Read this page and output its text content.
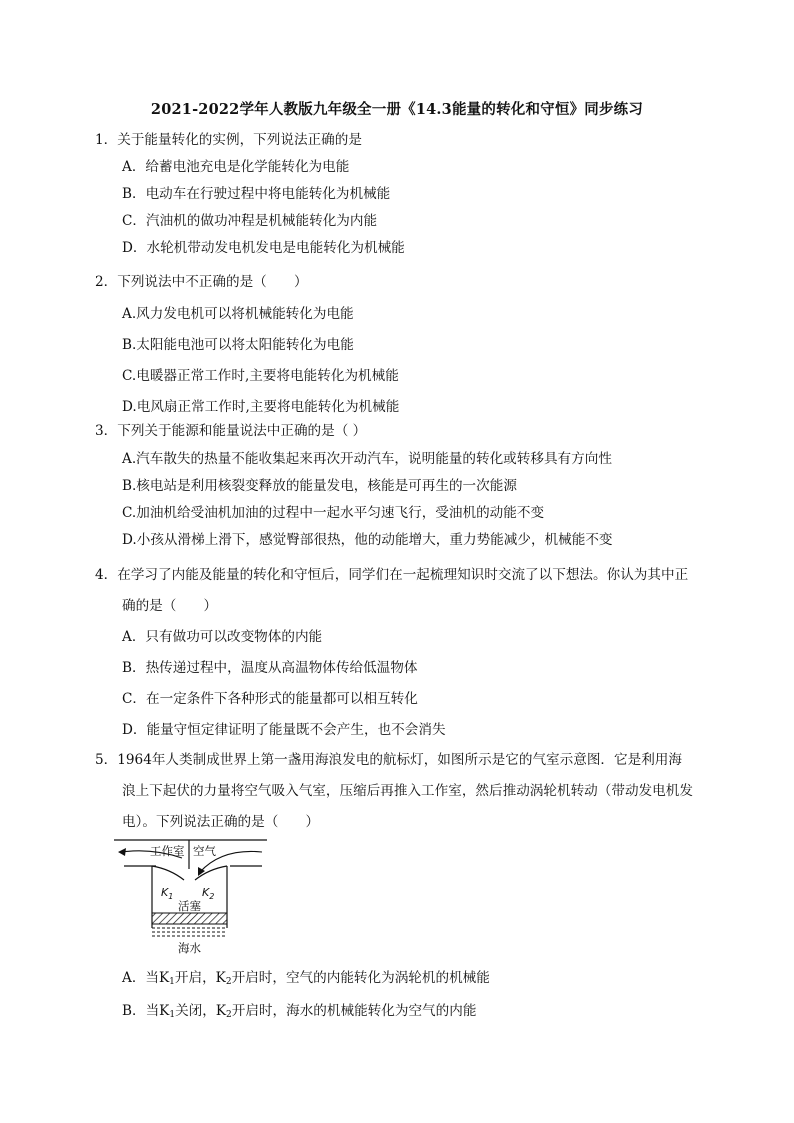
2021-2022学年人教版九年级全一册《14.3能量的转化和守恒》同步练习
1．关于能量转化的实例，下列说法正确的是
A．给蓄电池充电是化学能转化为电能
B．电动车在行驶过程中将电能转化为机械能
C．汽油机的做功冲程是机械能转化为内能
D．水轮机带动发电机发电是电能转化为机械能
2．下列说法中不正确的是（　　）
A.风力发电机可以将机械能转化为电能
B.太阳能电池可以将太阳能转化为电能
C.电暖器正常工作时,主要将电能转化为机械能
D.电风扇正常工作时,主要将电能转化为机械能
3．下列关于能源和能量说法中正确的是（ ）
A.汽车散失的热量不能收集起来再次开动汽车，说明能量的转化或转移具有方向性
B.核电站是利用核裂变释放的能量发电，核能是可再生的一次能源
C.加油机给受油机加油的过程中一起水平匀速飞行，受油机的动能不变
D.小孩从滑梯上滑下，感觉臀部很热，他的动能增大，重力势能减少，机械能不变
4．在学习了内能及能量的转化和守恒后，同学们在一起梳理知识时交流了以下想法。你认为其中正
确的是（　　）
A．只有做功可以改变物体的内能
B．热传递过程中，温度从高温物体传给低温物体
C．在一定条件下各种形式的能量都可以相互转化
D．能量守恒定律证明了能量既不会产生，也不会消失
5．1964年人类制成世界上第一盏用海浪发电的航标灯，如图所示是它的气室示意图．它是利用海
浪上下起伏的力量将空气吸入气室，压缩后再推入工作室，然后推动涡轮机转动（带动发电机发
电）。下列说法正确的是（　　）
工作室 空气
$K_1$	$K_2$
活塞
海水
A．当$K_1$开启，$K_2$开启时，空气的内能转化为涡轮机的机械能
B．当$K_1$关闭，$K_2$开启时，海水的机械能转化为空气的内能
